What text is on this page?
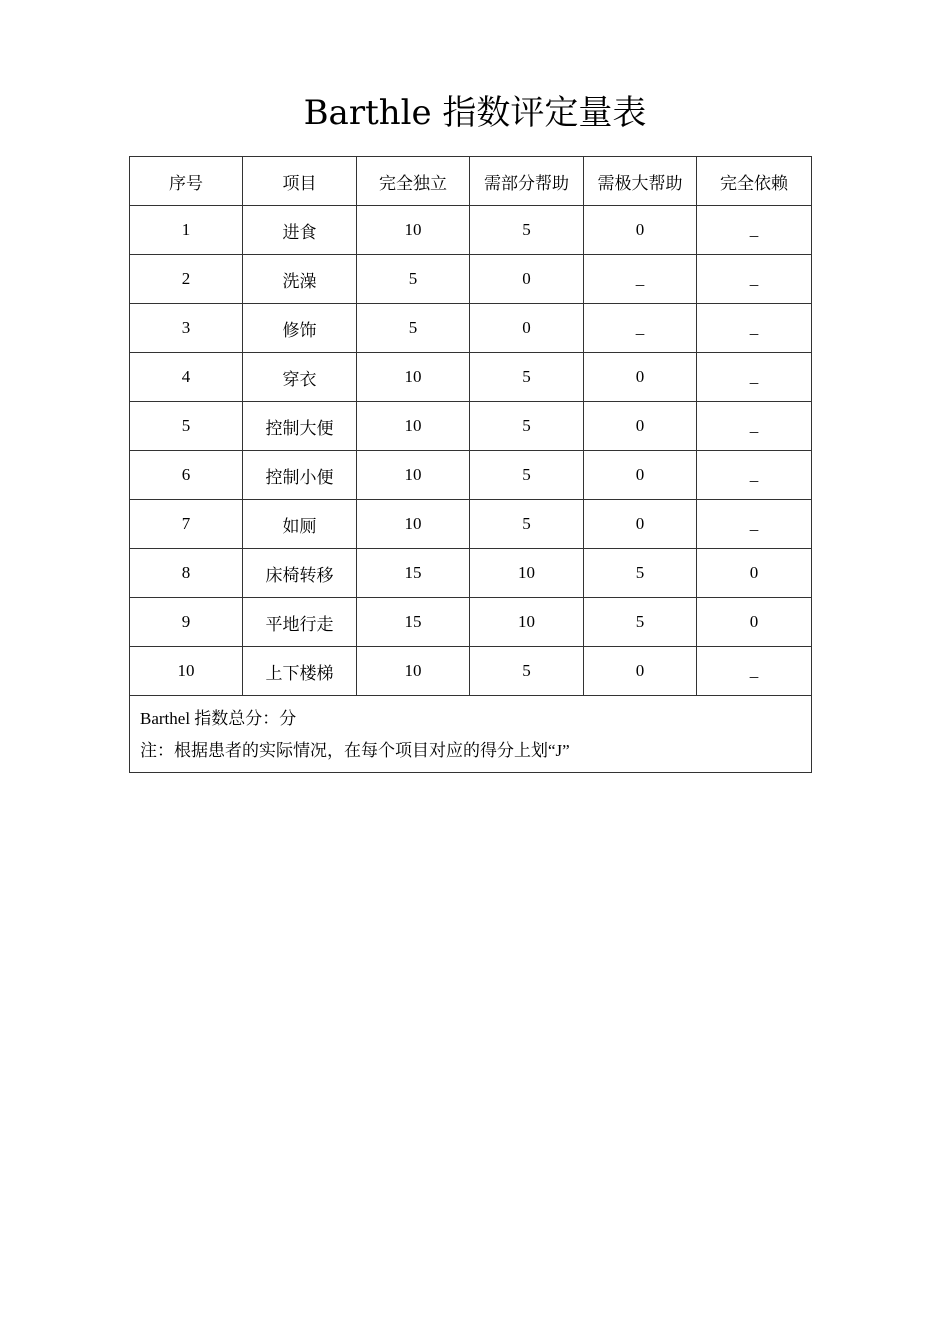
Barthle 指数评定量表
序号	项目	完全独立	需部分帮助	需极大帮助	完全依赖
1	进食	10	5	0	_
2	洗澡	5	0	_	_
3	修饰	5	0	_	_
4	穿衣	10	5	0	_
5	控制大便	10	5	0	_
6	控制小便	10	5	0	_
7	如厕	10	5	0	_
8	床椅转移	15	10	5	0
9	平地行走	15	10	5	0
10	上下楼梯	10	5	0	_

Barthel 指数总分：分
注：根据患者的实际情况，在每个项目对应的得分上划“J”					
